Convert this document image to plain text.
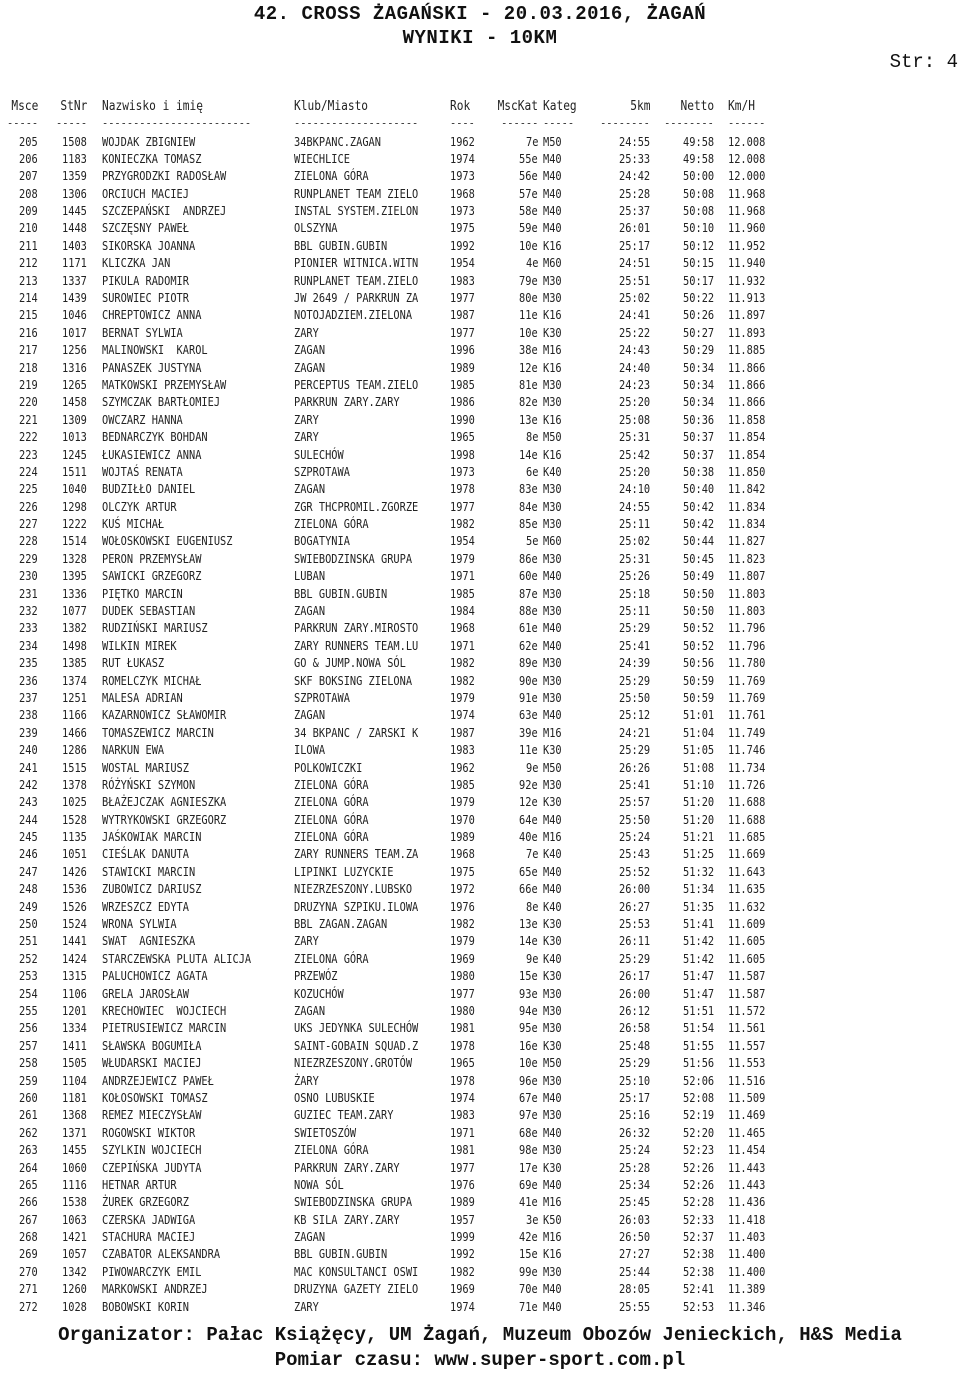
42. CROSS ŻAGAŃSKI - 20.03.2016, ŻAGAŃ
WYNIKI - 10KM
Str: 4
Msce StNr Nazwisko i imię	Klub/Miasto	Rok MscKat Kateg	5km Netto Km/H
----- ----- ------------------------	--------------------	---- ------ ----- -------- -------- ------
205 1508 WOJDAK ZBIGNIEW	34BKPANC.ZAGAN	1962	7e M50	24:55	49:58 12.008
206 1183 KONIECZKA TOMASZ	WIECHLICE	1974	55e M40	25:33	49:58 12.008
207 1359 PRZYGRODZKI RADOSŁAW	ZIELONA GÓRA	1973	56e M40	24:42	50:00 12.000
208 1306 ORCIUCH MACIEJ	RUNPLANET TEAM ZIELO	1968	57e M40	25:28	50:08 11.968
209 1445 SZCZEPAŃSKI  ANDRZEJ	INSTAL SYSTEM.ZIELON	1973	58e M40	25:37	50:08 11.968
210 1448 SZCZĘSNY PAWEŁ	OLSZYNA	1975	59e M40	26:01	50:10 11.960
211 1403 SIKORSKA JOANNA	BBL GUBIN.GUBIN	1992	10e K16	25:17	50:12 11.952
212 1171 KLICZKA JAN	PIONIER WITNICA.WITN	1954	4e M60	24:51	50:15 11.940
213 1337 PIKULA RADOMIR	RUNPLANET TEAM.ZIELO	1983	79e M30	25:51	50:17 11.932
214 1439 SUROWIEC PIOTR	JW 2649 / PARKRUN ZA	1977	80e M30	25:02	50:22 11.913
215 1046 CHREPTOWICZ ANNA	NOTOJADZIEM.ZIELONA	1987	11e K16	24:41	50:26 11.897
216 1017 BERNAT SYLWIA	ZARY	1977	10e K30	25:22	50:27 11.893
217 1256 MALINOWSKI  KAROL	ZAGAN	1996	38e M16	24:43	50:29 11.885
218 1316 PANASZEK JUSTYNA	ZAGAN	1989	12e K16	24:40	50:34 11.866
219 1265 MATKOWSKI PRZEMYSŁAW	PERCEPTUS TEAM.ZIELO	1985	81e M30	24:23	50:34 11.866
220 1458 SZYMCZAK BARTŁOMIEJ	PARKRUN ZARY.ZARY	1986	82e M30	25:20	50:34 11.866
221 1309 OWCZARZ HANNA	ZARY	1990	13e K16	25:08	50:36 11.858
222 1013 BEDNARCZYK BOHDAN	ZARY	1965	8e M50	25:31	50:37 11.854
223 1245 ŁUKASIEWICZ ANNA	SULECHÓW	1998	14e K16	25:42	50:37 11.854
224 1511 WOJTAŚ RENATA	SZPROTAWA	1973	6e K40	25:20	50:38 11.850
225 1040 BUDZIŁŁO DANIEL	ZAGAN	1978	83e M30	24:10	50:40 11.842
226 1298 OLCZYK ARTUR	ZGR THCPROMIL.ZGORZE	1977	84e M30	24:55	50:42 11.834
227 1222 KUŚ MICHAŁ	ZIELONA GÓRA	1982	85e M30	25:11	50:42 11.834
228 1514 WOŁOSKOWSKI EUGENIUSZ	BOGATYNIA	1954	5e M60	25:02	50:44 11.827
229 1328 PERON PRZEMYSŁAW	SWIEBODZINSKA GRUPA	1979	86e M30	25:31	50:45 11.823
230 1395 SAWICKI GRZEGORZ	LUBAN	1971	60e M40	25:26	50:49 11.807
231 1336 PIĘTKO MARCIN	BBL GUBIN.GUBIN	1985	87e M30	25:18	50:50 11.803
232 1077 DUDEK SEBASTIAN	ZAGAN	1984	88e M30	25:11	50:50 11.803
233 1382 RUDZIŃSKI MARIUSZ	PARKRUN ZARY.MIROSTO	1968	61e M40	25:29	50:52 11.796
234 1498 WILKIN MIREK	ZARY RUNNERS TEAM.LU	1971	62e M40	25:41	50:52 11.796
235 1385 RUT ŁUKASZ	GO & JUMP.NOWA SÓL	1982	89e M30	24:39	50:56 11.780
236 1374 ROMELCZYK MICHAŁ	SKF BOKSING ZIELONA	1982	90e M30	25:29	50:59 11.769
237 1251 MALESA ADRIAN	SZPROTAWA	1979	91e M30	25:50	50:59 11.769
238 1166 KAZARNOWICZ SŁAWOMIR	ZAGAN	1974	63e M40	25:12	51:01 11.761
239 1466 TOMASZEWICZ MARCIN	34 BKPANC / ZARSKI K	1987	39e M16	24:21	51:04 11.749
240 1286 NARKUN EWA	ILOWA	1983	11e K30	25:29	51:05 11.746
241 1515 WOSTAL MARIUSZ	POLKOWICZKI	1962	9e M50	26:26	51:08 11.734
242 1378 RÓŻYŃSKI SZYMON	ZIELONA GÓRA	1985	92e M30	25:41	51:10 11.726
243 1025 BŁAŻEJCZAK AGNIESZKA	ZIELONA GÓRA	1979	12e K30	25:57	51:20 11.688
244 1528 WYTRYKOWSKI GRZEGORZ	ZIELONA GÓRA	1970	64e M40	25:50	51:20 11.688
245 1135 JAŚKOWIAK MARCIN	ZIELONA GÓRA	1989	40e M16	25:24	51:21 11.685
246 1051 CIEŚLAK DANUTA	ZARY RUNNERS TEAM.ZA	1968	7e K40	25:43	51:25 11.669
247 1426 STAWICKI MARCIN	LIPINKI LUZYCKIE	1975	65e M40	25:52	51:32 11.643
248 1536 ZUBOWICZ DARIUSZ	NIEZRZESZONY.LUBSKO	1972	66e M40	26:00	51:34 11.635
249 1526 WRZESZCZ EDYTA	DRUZYNA SZPIKU.ILOWA	1976	8e K40	26:27	51:35 11.632
250 1524 WRONA SYLWIA	BBL ZAGAN.ZAGAN	1982	13e K30	25:53	51:41 11.609
251 1441 SWAT  AGNIESZKA	ZARY	1979	14e K30	26:11	51:42 11.605
252 1424 STARCZEWSKA PLUTA ALICJA	ZIELONA GÓRA	1969	9e K40	25:29	51:42 11.605
253 1315 PALUCHOWICZ AGATA	PRZEWÓZ	1980	15e K30	26:17	51:47 11.587
254 1106 GRELA JAROSŁAW	KOZUCHÓW	1977	93e M30	26:00	51:47 11.587
255 1201 KRECHOWIEC  WOJCIECH	ZAGAN	1980	94e M30	26:12	51:51 11.572
256 1334 PIETRUSIEWICZ MARCIN	UKS JEDYNKA SULECHÓW	1981	95e M30	26:58	51:54 11.561
257 1411 SŁAWSKA BOGUMIŁA	SAINT-GOBAIN SQUAD.Z	1978	16e K30	25:48	51:55 11.557
258 1505 WŁUDARSKI MACIEJ	NIEZRZESZONY.GROTÓW	1965	10e M50	25:29	51:56 11.553
259 1104 ANDRZEJEWICZ PAWEŁ	ŻARY	1978	96e M30	25:10	52:06 11.516
260 1181 KOŁOSOWSKI TOMASZ	OSNO LUBUSKIE	1974	67e M40	25:17	52:08 11.509
261 1368 REMEZ MIECZYSŁAW	GUZIEC TEAM.ZARY	1983	97e M30	25:16	52:19 11.469
262 1371 ROGOWSKI WIKTOR	SWIETOSZÓW	1971	68e M40	26:32	52:20 11.465
263 1455 SZYLKIN WOJCIECH	ZIELONA GÓRA	1981	98e M30	25:24	52:23 11.454
264 1060 CZEPIŃSKA JUDYTA	PARKRUN ZARY.ZARY	1977	17e K30	25:28	52:26 11.443
265 1116 HETNAR ARTUR	NOWA SÓL	1976	69e M40	25:34	52:26 11.443
266 1538 ŻUREK GRZEGORZ	SWIEBODZINSKA GRUPA	1989	41e M16	25:45	52:28 11.436
267 1063 CZERSKA JADWIGA	KB SILA ZARY.ZARY	1957	3e K50	26:03	52:33 11.418
268 1421 STACHURA MACIEJ	ZAGAN	1999	42e M16	26:50	52:37 11.403
269 1057 CZABATOR ALEKSANDRA	BBL GUBIN.GUBIN	1992	15e K16	27:27	52:38 11.400
270 1342 PIWOWARCZYK EMIL	MAC KONSULTANCI OSWI	1982	99e M30	25:44	52:38 11.400
271 1260 MARKOWSKI ANDRZEJ	DRUZYNA GAZETY ZIELO	1969	70e M40	28:05	52:41 11.389
272 1028 BOBOWSKI KORIN	ZARY	1974	71e M40	25:55	52:53 11.346
Organizator: Pałac Książęcy, UM Żagań, Muzeum Obozów Jenieckich, H&S Media
Pomiar czasu: www.super-sport.com.pl
